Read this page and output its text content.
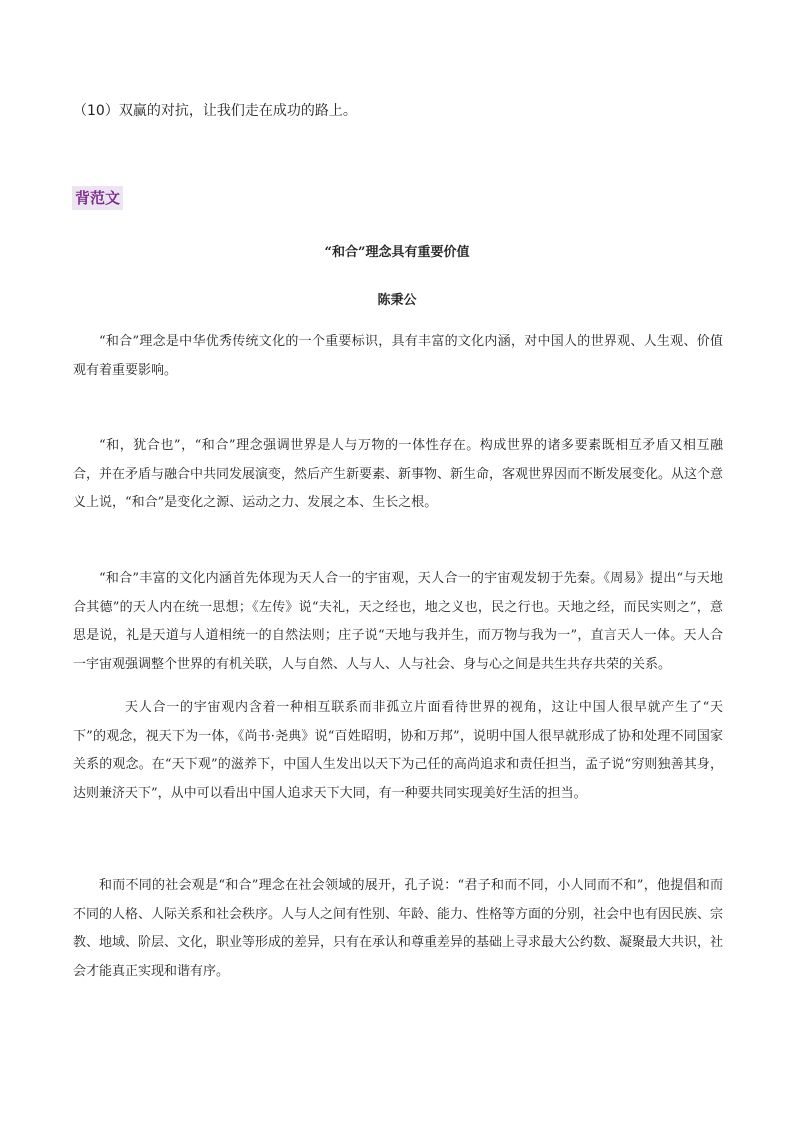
（10）双赢的对抗，让我们走在成功的路上。

背范文
“和合”理念具有重要价值
陈秉公

“和合”理念是中华优秀传统文化的一个重要标识，具有丰富的文化内涵，对中国人的世界观、人生观、价值观有着重要影响。

“和，犹合也”，“和合”理念强调世界是人与万物的一体性存在。构成世界的诸多要素既相互矛盾又相互融合，并在矛盾与融合中共同发展演变，然后产生新要素、新事物、新生命，客观世界因而不断发展变化。从这个意义上说，“和合”是变化之源、运动之力、发展之本、生长之根。

“和合”丰富的文化内涵首先体现为天人合一的宇宙观，天人合一的宇宙观发轫于先秦。《周易》提出“与天地合其德”的天人内在统一思想；《左传》说“夫礼，天之经也，地之义也，民之行也。天地之经，而民实则之”，意思是说，礼是天道与人道相统一的自然法则；庄子说“天地与我并生，而万物与我为一”，直言天人一体。天人合一宇宙观强调整个世界的有机关联，人与自然、人与人、人与社会、身与心之间是共生共存共荣的关系。

天人合一的宇宙观内含着一种相互联系而非孤立片面看待世界的视角，这让中国人很早就产生了“天下”的观念，视天下为一体，《尚书·尧典》说“百姓昭明，协和万邦”，说明中国人很早就形成了协和处理不同国家关系的观念。在“天下观”的滋养下，中国人生发出以天下为己任的高尚追求和责任担当，孟子说“穷则独善其身，达则兼济天下”，从中可以看出中国人追求天下大同，有一种要共同实现美好生活的担当。

和而不同的社会观是“和合”理念在社会领域的展开，孔子说：“君子和而不同，小人同而不和”，他提倡和而不同的人格、人际关系和社会秩序。人与人之间有性别、年龄、能力、性格等方面的分别，社会中也有因民族、宗教、地域、阶层、文化，职业等形成的差异，只有在承认和尊重差异的基础上寻求最大公约数、凝聚最大共识，社会才能真正实现和谐有序。
